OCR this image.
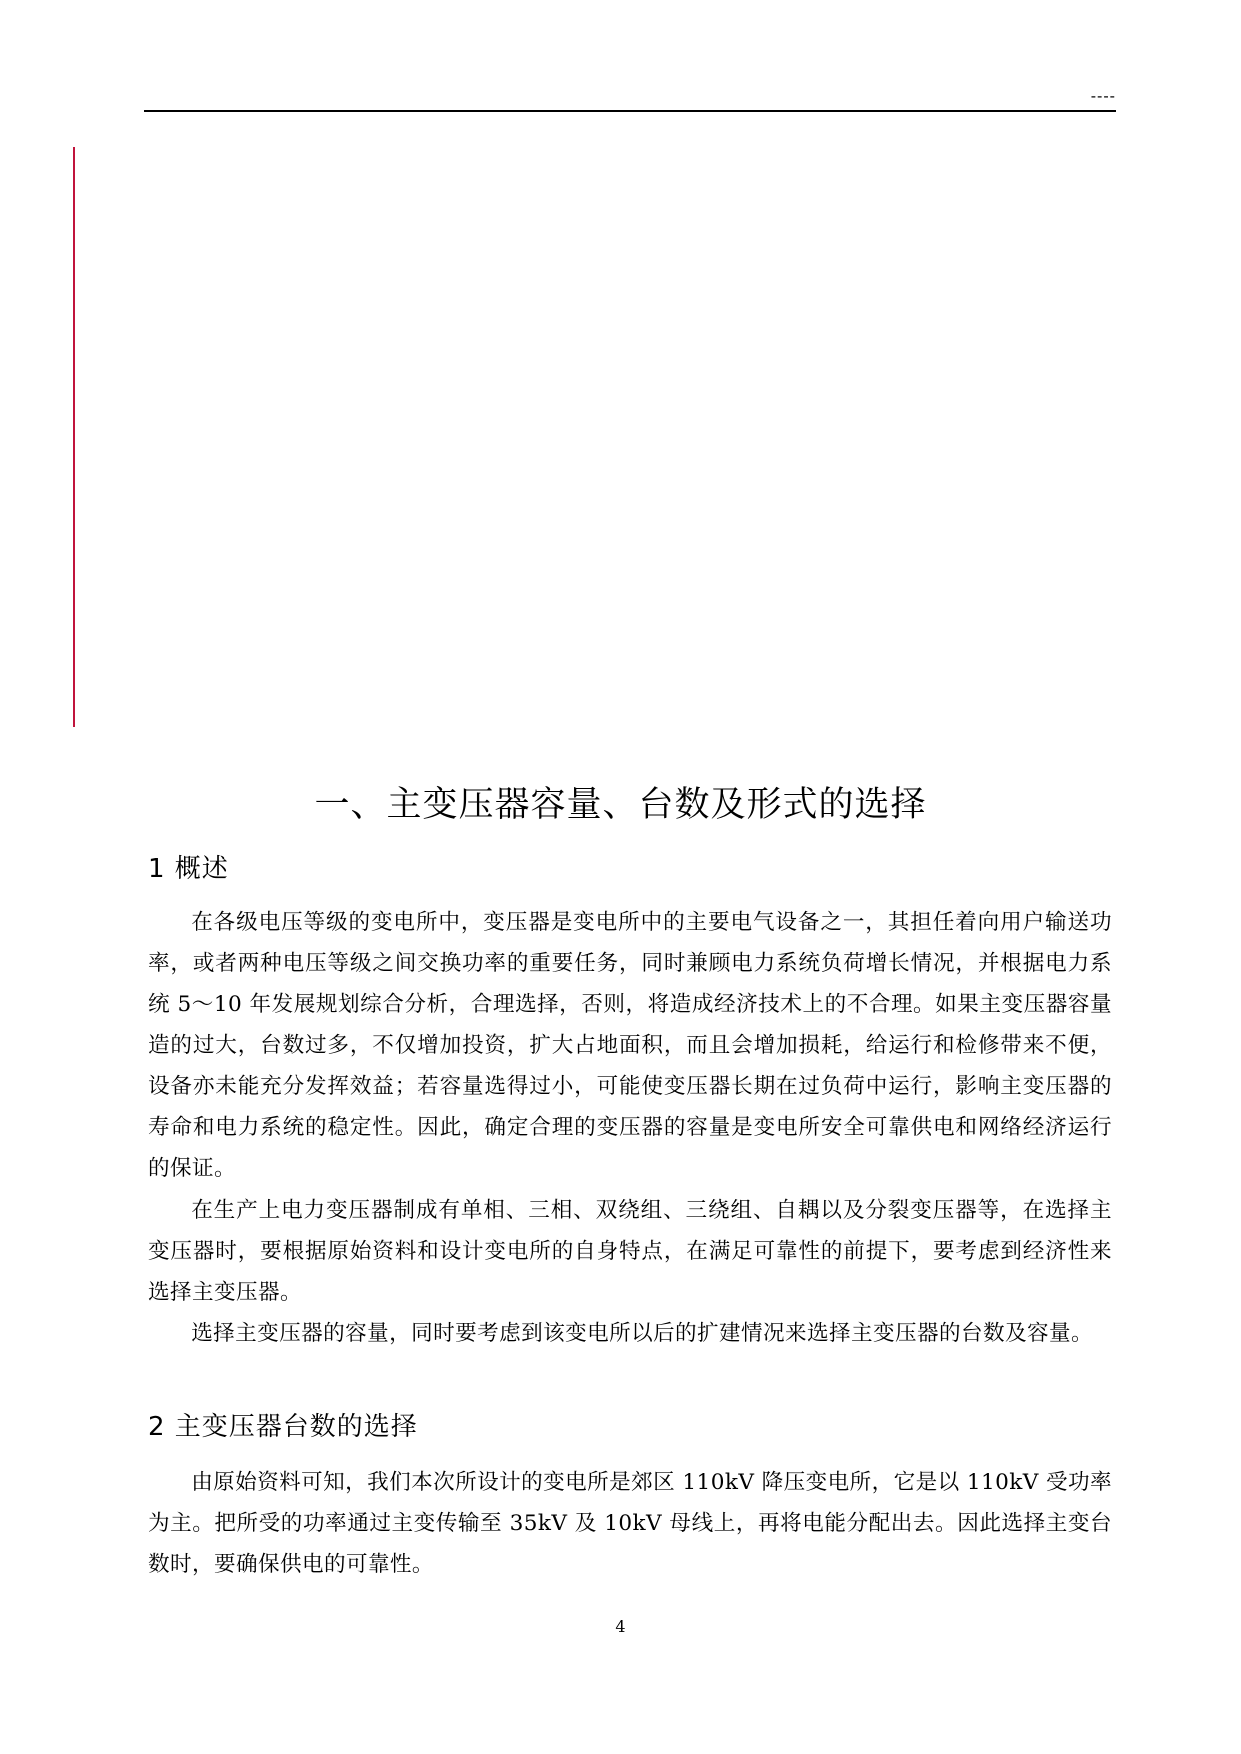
----
一、主变压器容量、台数及形式的选择
1 概述

在各级电压等级的变电所中，变压器是变电所中的主要电气设备之一，其担任着向用户输送功率，或者两种电压等级之间交换功率的重要任务，同时兼顾电力系统负荷增长情况，并根据电力系统 5～10 年发展规划综合分析，合理选择，否则，将造成经济技术上的不合理。如果主变压器容量造的过大，台数过多，不仅增加投资，扩大占地面积，而且会增加损耗，给运行和检修带来不便，设备亦未能充分发挥效益；若容量选得过小，可能使变压器长期在过负荷中运行，影响主变压器的寿命和电力系统的稳定性。因此，确定合理的变压器的容量是变电所安全可靠供电和网络经济运行的保证。

在生产上电力变压器制成有单相、三相、双绕组、三绕组、自耦以及分裂变压器等，在选择主变压器时，要根据原始资料和设计变电所的自身特点，在满足可靠性的前提下，要考虑到经济性来选择主变压器。

选择主变压器的容量，同时要考虑到该变电所以后的扩建情况来选择主变压器的台数及容量。

2 主变压器台数的选择

由原始资料可知，我们本次所设计的变电所是郊区 110kV 降压变电所，它是以 110kV 受功率为主。把所受的功率通过主变传输至 35kV 及 10kV 母线上，再将电能分配出去。因此选择主变台数时，要确保供电的可靠性。

4
